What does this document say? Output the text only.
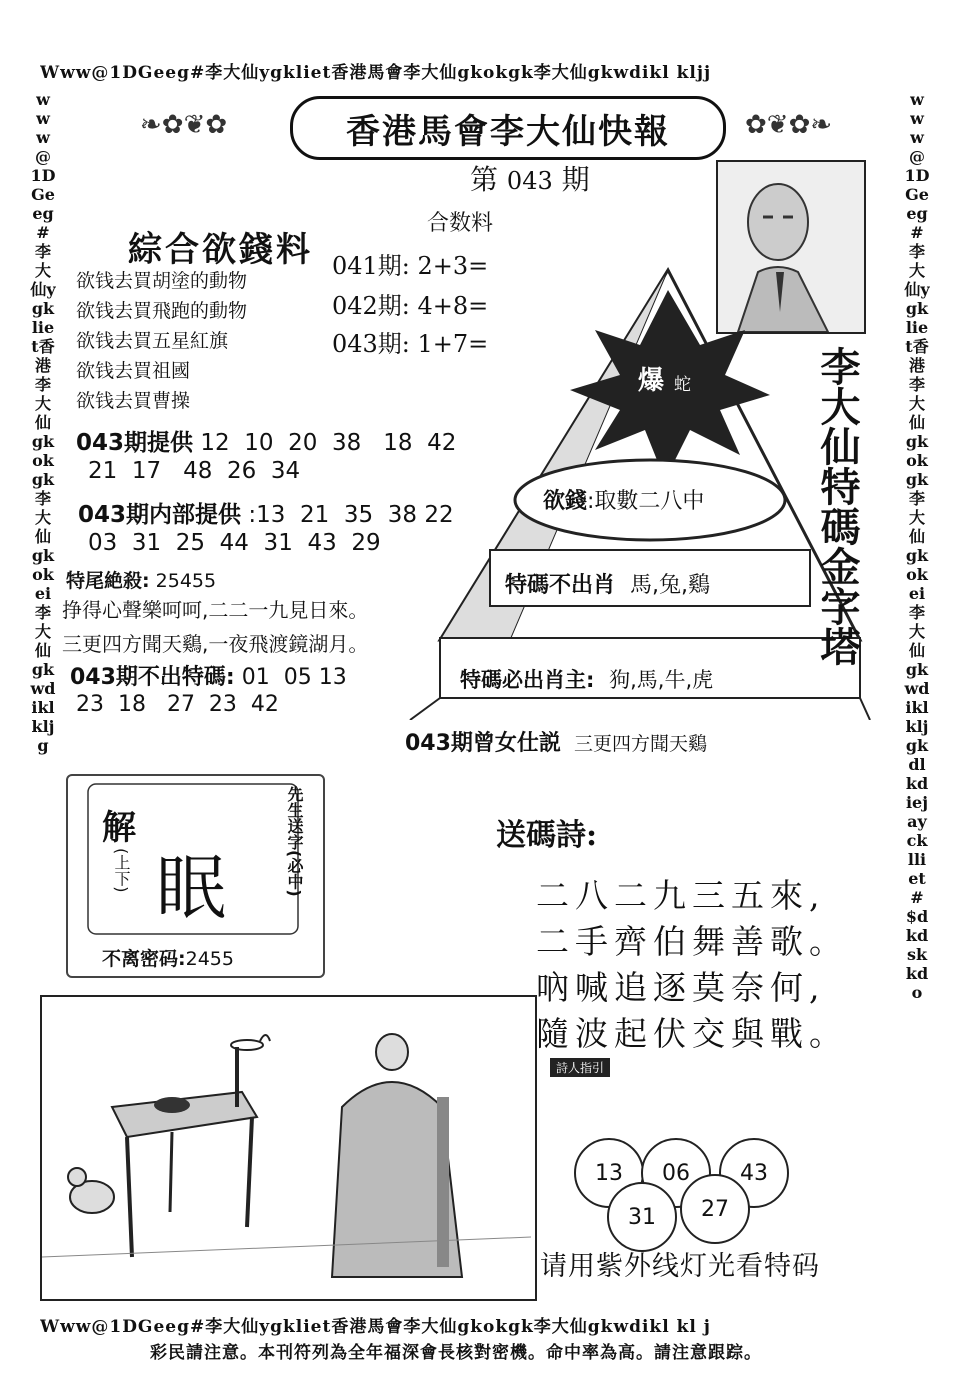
Www@1DGeeg#李大仙ygkliet香港馬會李大仙gkokgk李大仙gkwdikl kljj
Www@1DGeeg#李大仙ygkliet香港馬會李大仙gkokgk李大仙gkwdikl kl j
www@1DGeeg#李大仙ygkliet香港李大仙gkokgk李大仙gkokei李大仙gkwdiklkljg
www@1DGeeg#李大仙ygkliet香港李大仙gkokgk李大仙gkokei李大仙gkwdiklkljgkdlkdiejaycklliet#$dkdskkdo
彩民請注意。本刊符列為全年福深會長核對密機。命中率為高。請注意跟踪。
❧✿❦✿	✿❦✿❧
香港馬會李大仙快報
第 043 期
合数料
041期: 2+3=
042期: 4+8=
043期: 1+7=
綜合欲錢料
欲钱去買胡塗的動物
欲钱去買飛跑的動物
欲钱去買五星紅旗
欲钱去買祖國
欲钱去買曹操
043期提供 12  10  20  38   18  42
21  17   48  26  34
043期内部提供 :13  21  35  38 22
03  31  25  44  31  43  29
特尾絶殺: 25455
挣得心聲樂呵呵,二二一九見日來。
三更四方聞天鷄,一夜飛渡鏡湖月。
043期不出特碼: 01  05 13
23  18   27  23  42
爆 蛇
欲錢:取數二八中
特碼不出肖 馬,兔,鷄
特碼必出肖主: 狗,馬,牛,虎
李大仙特碼金字塔
043期曾女仕説 三更四方聞天鷄
解
(上下) 眠	先生送字(必中)
不离密码:2455
送碼詩:
二八二九三五來,
二手齊伯舞善歌。
吶喊追逐莫奈何,
隨波起伏交與戰。
詩人指引
13	06	43
31	27
请用紫外线灯光看特码
